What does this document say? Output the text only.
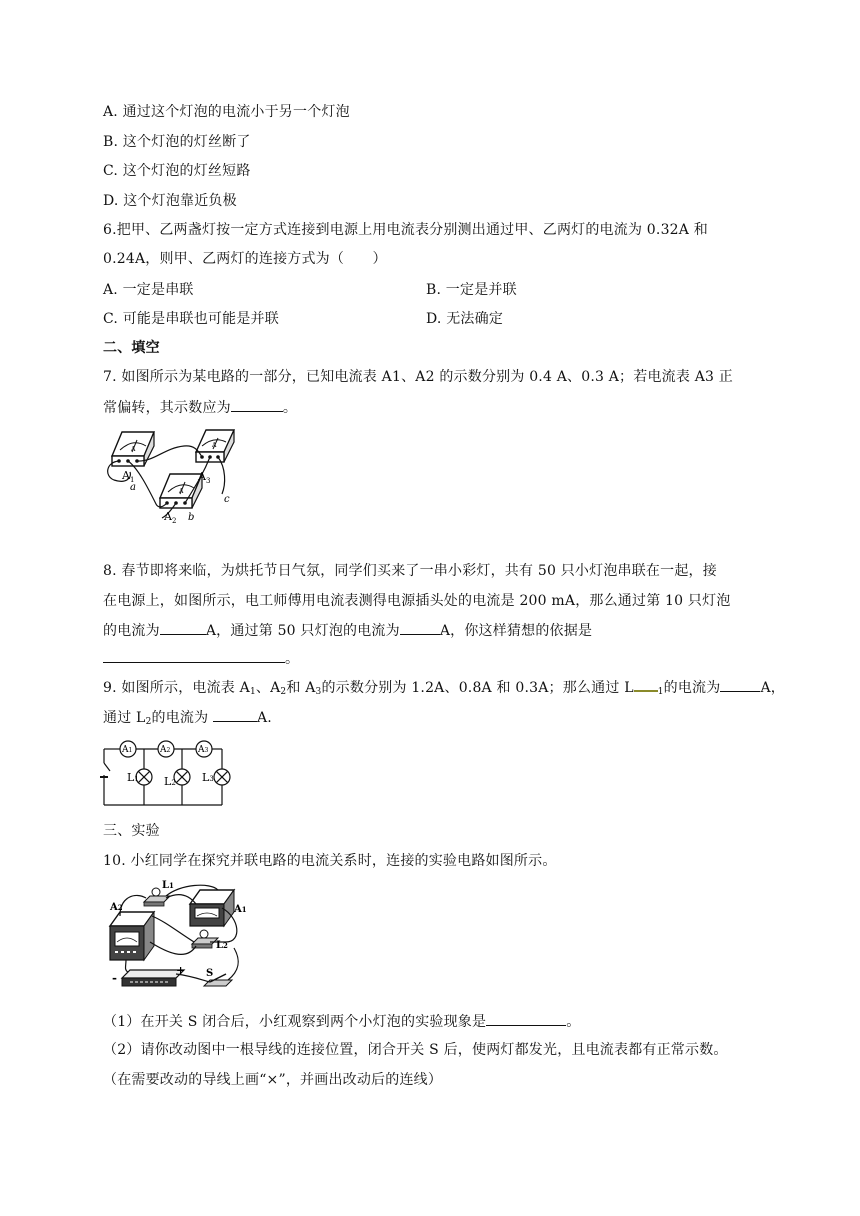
A. 通过这个灯泡的电流小于另一个灯泡
B. 这个灯泡的灯丝断了
C. 这个灯泡的灯丝短路
D. 这个灯泡靠近负极
6.把甲、乙两盏灯按一定方式连接到电源上用电流表分别测出通过甲、乙两灯的电流为 0.32A 和
0.24A，则甲、乙两灯的连接方式为（　　）
A. 一定是串联	B. 一定是并联
C. 可能是串联也可能是并联	D. 无法确定
二、填空
7. 如图所示为某电路的一部分，已知电流表 A1、A2 的示数分别为 0.4 A、0.3 A；若电流表 A3 正
常偏转，其示数应为	。
A
A
A
$A_1$
a
$A_3$
c
$A_2$ b
8. 春节即将来临，为烘托节日气氛，同学们买来了一串小彩灯，共有 50 只小灯泡串联在一起，接
在电源上，如图所示，电工师傅用电流表测得电源插头处的电流是 200 mA，那么通过第 10 只灯泡
的电流为	A，通过第 50 只灯泡的电流为	A，你这样猜想的依据是
。
9. 如图所示，电流表 $A_1$、$A_2$和 $A_3$的示数分别为 1.2A、0.8A 和 0.3A；那么通过 L	$_1$的电流为	A，
通过 $L_2$的电流为	A.
A1	A2	A3
L1 L2 L3
三、实验
10. 小红同学在探究并联电路的电流关系时，连接的实验电路如图所示。
L1
A1
A2
L2
S
-
+
（1）在开关 S 闭合后，小红观察到两个小灯泡的实验现象是	。
（2）请你改动图中一根导线的连接位置，闭合开关 S 后，使两灯都发光，且电流表都有正常示数。
（在需要改动的导线上画“×”，并画出改动后的连线）
